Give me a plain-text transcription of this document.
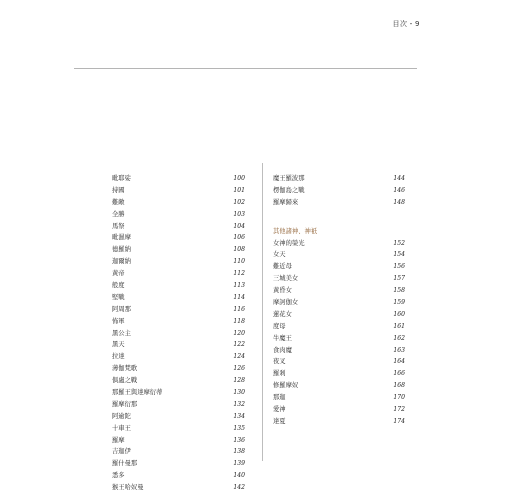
目次・9
毗耶娑	100
持國	101
難敵	102
全勝	103
馬祭	104
毗濕摩	106
德羅納	108
迦爾納	110
黃帝	112
般度	113
堅戰	114
阿周那	116
怖軍	118
黑公主	120
黑天	122
拉達	124
薄伽梵歌	126
俱盧之戰	128
那羅王與達摩衍蒂	130
羅摩衍那	132
阿逾陀	134
十車王	135
羅摩	136
吉迦伊	138
羅什曼那	139
悉多	140
猴王哈奴曼	142
魔王羅波那	144
楞伽島之戰	146
羅摩歸來	148
其他諸神、神祇
女神的榮光	152
女天	154
難近母	156
三城美女	157
黃昏女	158
摩訶伽女	159
蓮花女	160
度母	161
牛魔王	162
食肉魔	163
夜叉	164
羅剎	166
修羅摩奴	168
那迦	170
愛神	172
達夏	174
